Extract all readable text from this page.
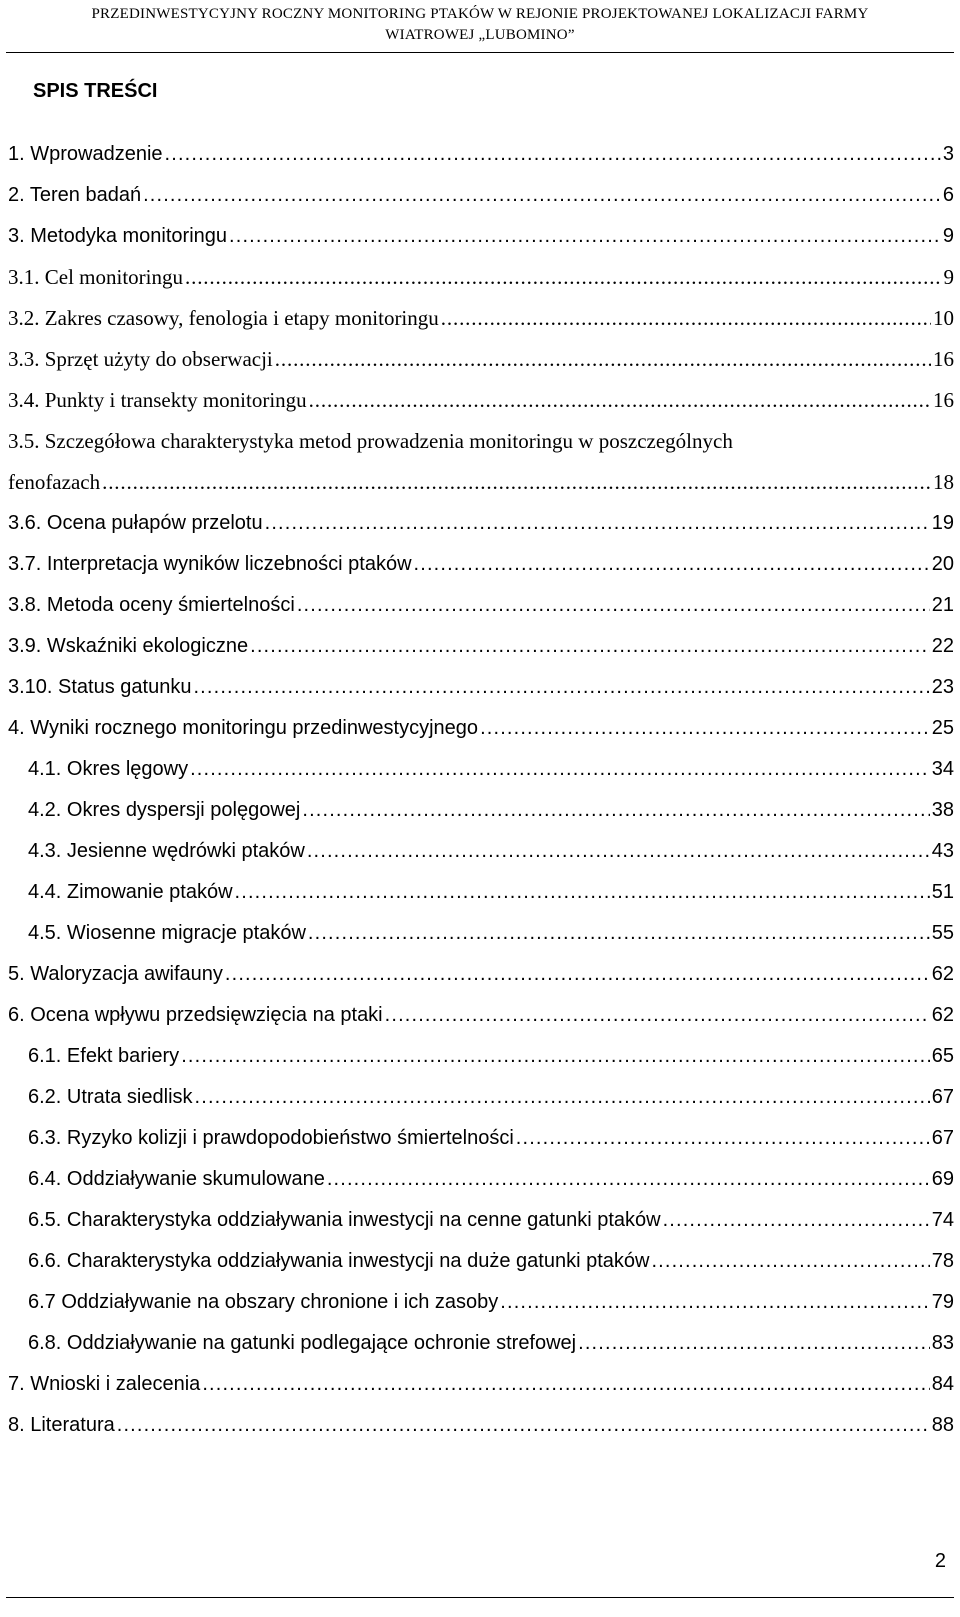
PRZEDINWESTYCYJNY ROCZNY MONITORING PTAKÓW W REJONIE PROJEKTOWANEJ LOKALIZACJI FARMY
WIATROWEJ „LUBOMINO”
SPIS TREŚCI
1. Wprowadzenie . . .	3
2. Teren badań . . .	6
3. Metodyka monitoringu . . .	9
3.1. Cel monitoringu . . .	9
3.2. Zakres czasowy, fenologia i etapy monitoringu . . .	10
3.3. Sprzęt użyty do obserwacji . . .	16
3.4. Punkty i transekty monitoringu . . .	16
3.5. Szczegółowa charakterystyka metod prowadzenia monitoringu w poszczególnych
fenofazach . . .	18
3.6. Ocena pułapów przelotu . . .	19
3.7. Interpretacja wyników liczebności ptaków . . .	20
3.8. Metoda oceny śmiertelności . . .	21
3.9. Wskaźniki ekologiczne . . .	22
3.10. Status gatunku . . .	23
4. Wyniki rocznego monitoringu przedinwestycyjnego . . .	25
4.1. Okres lęgowy . . .	34
4.2. Okres dyspersji polęgowej . . .	38
4.3. Jesienne wędrówki ptaków . . .	43
4.4. Zimowanie ptaków . . .	51
4.5. Wiosenne migracje ptaków . . .	55
5. Waloryzacja awifauny . . .	62
6. Ocena wpływu przedsięwzięcia na ptaki . . .	62
6.1. Efekt bariery . . .	65
6.2. Utrata siedlisk . . .	67
6.3. Ryzyko kolizji i prawdopodobieństwo śmiertelności . . .	67
6.4. Oddziaływanie skumulowane . . .	69
6.5. Charakterystyka oddziaływania inwestycji na cenne gatunki ptaków . . .	74
6.6. Charakterystyka oddziaływania inwestycji na duże gatunki ptaków . . .	78
6.7 Oddziaływanie na obszary chronione i ich zasoby . . .	79
6.8. Oddziaływanie na gatunki podlegające ochronie strefowej . . .	83
7. Wnioski i zalecenia . . .	84
8. Literatura . . .	88
2
